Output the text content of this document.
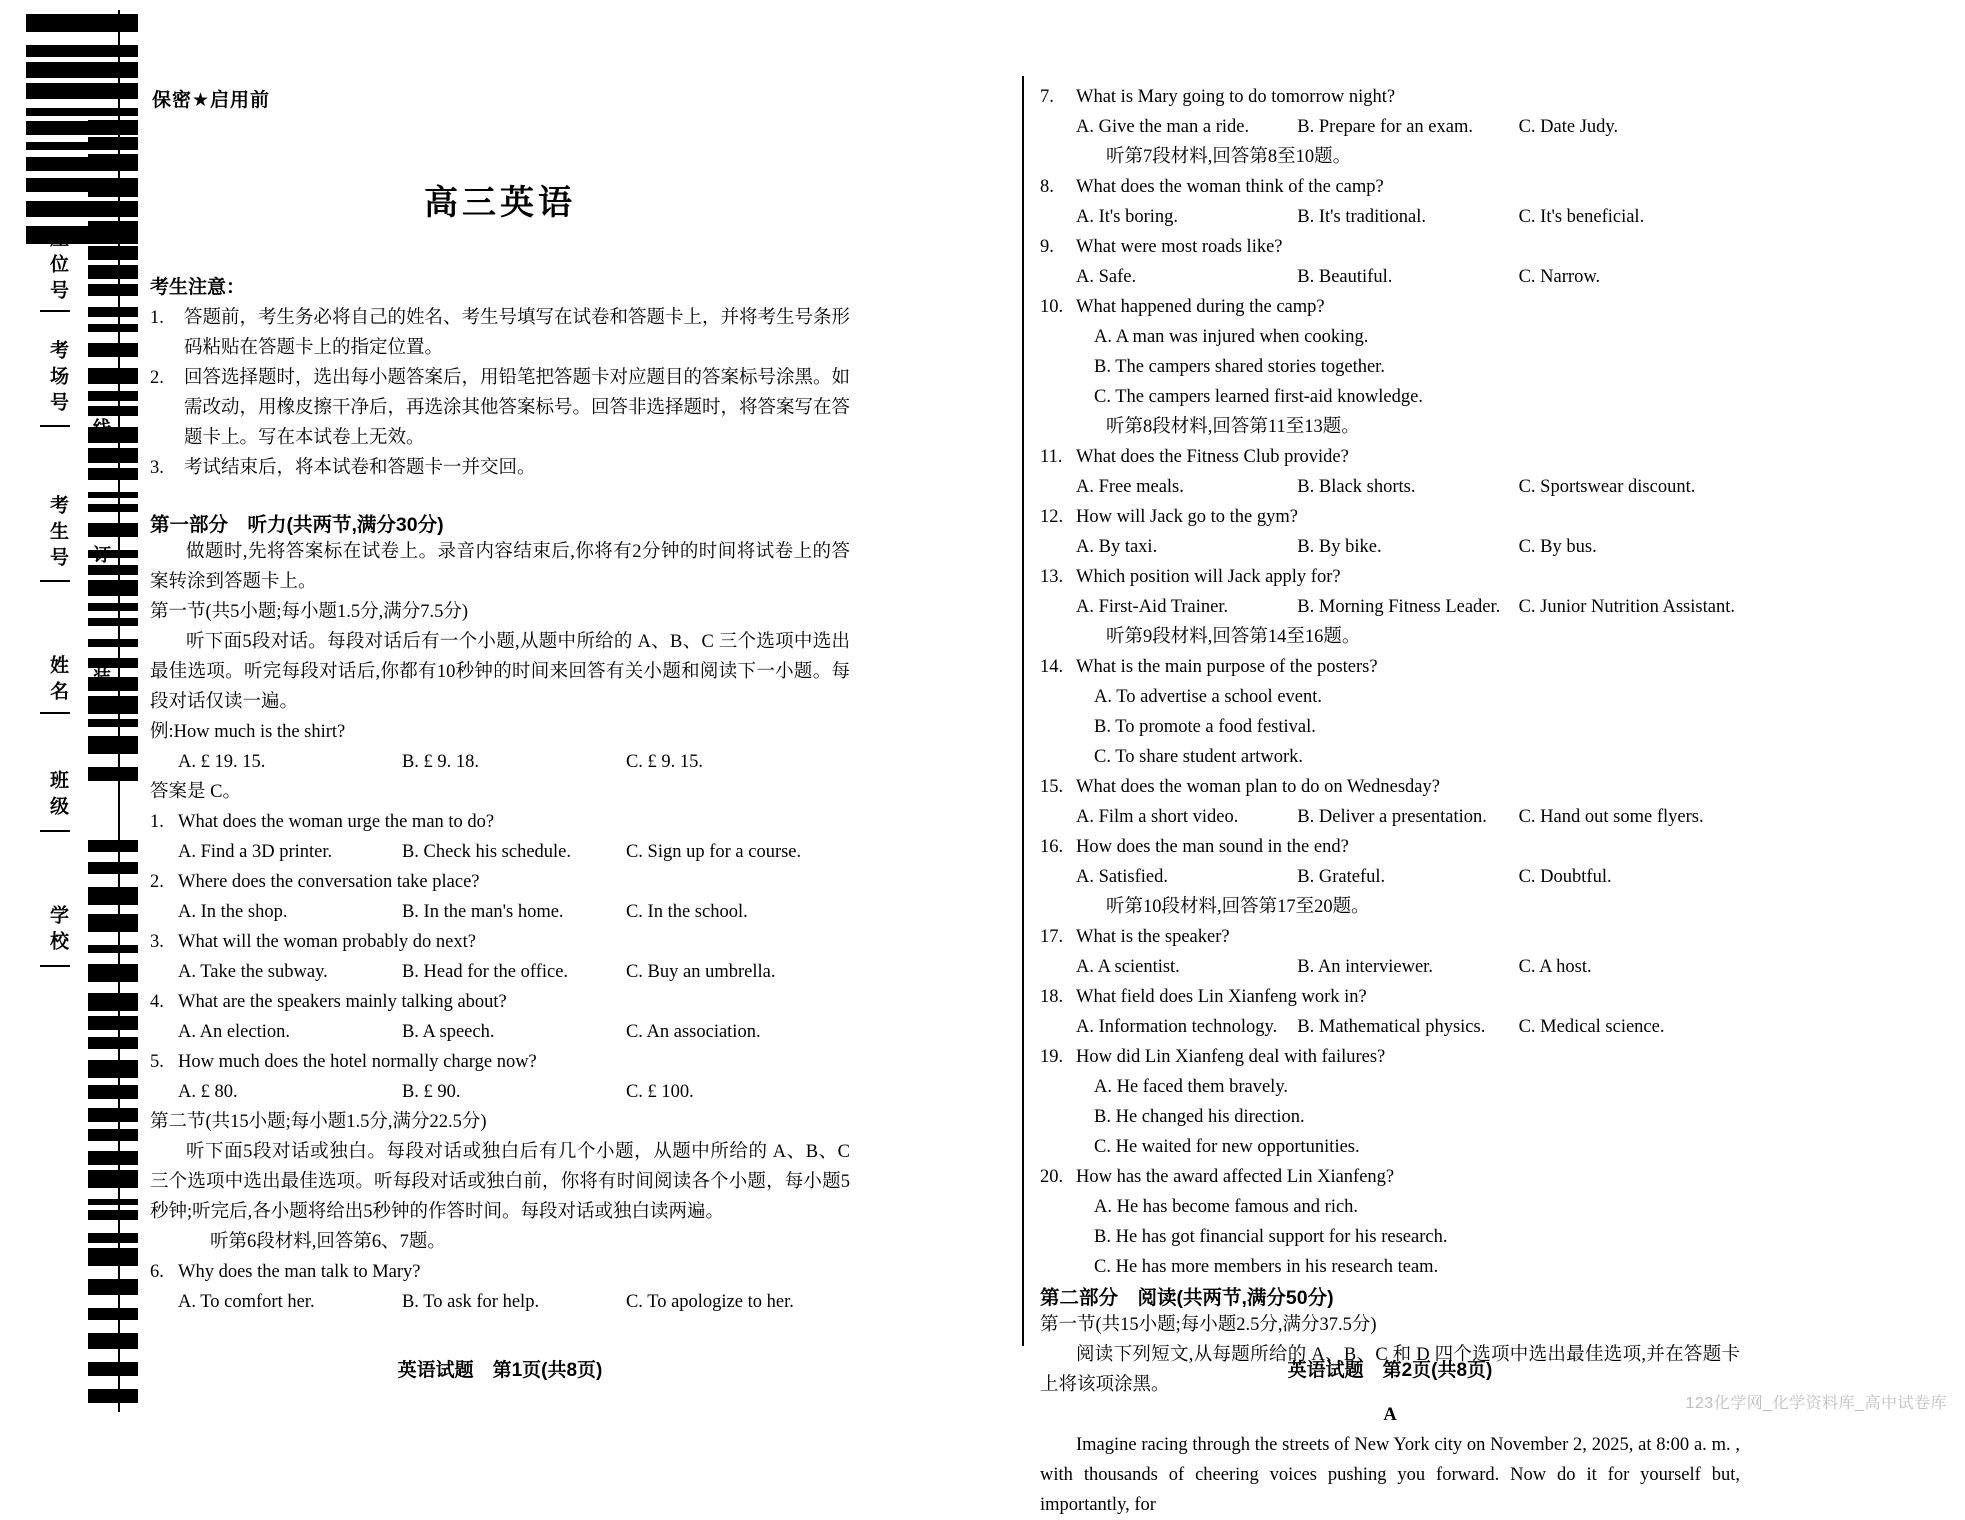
座位号
考场号
考生号
姓名
班级
学校
线
订
装
保密★启用前
高三英语
考生注意：
1. 答题前，考生务必将自己的姓名、考生号填写在试卷和答题卡上，并将考生号条形码粘贴在答题卡上的指定位置。
2. 回答选择题时，选出每小题答案后，用铅笔把答题卡对应题目的答案标号涂黑。如需改动，用橡皮擦干净后，再选涂其他答案标号。回答非选择题时，将答案写在答题卡上。写在本试卷上无效。
3. 考试结束后，将本试卷和答题卡一并交回。
第一部分　听力(共两节,满分30分)
做题时,先将答案标在试卷上。录音内容结束后,你将有2分钟的时间将试卷上的答案转涂到答题卡上。
第一节(共5小题;每小题1.5分,满分7.5分)
听下面5段对话。每段对话后有一个小题,从题中所给的 A、B、C 三个选项中选出最佳选项。听完每段对话后,你都有10秒钟的时间来回答有关小题和阅读下一小题。每段对话仅读一遍。
例:How much is the shirt?
A. £ 19. 15.	B. £ 9. 18.	C. £ 9. 15.
答案是 C。
1. What does the woman urge the man to do?
A. Find a 3D printer.	B. Check his schedule.	C. Sign up for a course.
2. Where does the conversation take place?
A. In the shop.	B. In the man's home.	C. In the school.
3. What will the woman probably do next?
A. Take the subway.	B. Head for the office.	C. Buy an umbrella.
4. What are the speakers mainly talking about?
A. An election.	B. A speech.	C. An association.
5. How much does the hotel normally charge now?
A. £ 80.	B. £ 90.	C. £ 100.
第二节(共15小题;每小题1.5分,满分22.5分)
听下面5段对话或独白。每段对话或独白后有几个小题，从题中所给的 A、B、C 三个选项中选出最佳选项。听每段对话或独白前，你将有时间阅读各个小题，每小题5秒钟;听完后,各小题将给出5秒钟的作答时间。每段对话或独白读两遍。
听第6段材料,回答第6、7题。
6. Why does the man talk to Mary?
A. To comfort her.	B. To ask for help.	C. To apologize to her.
7. What is Mary going to do tomorrow night?
A. Give the man a ride.	B. Prepare for an exam.	C. Date Judy.
听第7段材料,回答第8至10题。
8. What does the woman think of the camp?
A. It's boring.	B. It's traditional.	C. It's beneficial.
9. What were most roads like?
A. Safe.	B. Beautiful.	C. Narrow.
10. What happened during the camp?
A. A man was injured when cooking.
B. The campers shared stories together.
C. The campers learned first-aid knowledge.
听第8段材料,回答第11至13题。
11. What does the Fitness Club provide?
A. Free meals.	B. Black shorts.	C. Sportswear discount.
12. How will Jack go to the gym?
A. By taxi.	B. By bike.	C. By bus.
13. Which position will Jack apply for?
A. First-Aid Trainer.	B. Morning Fitness Leader. C. Junior Nutrition Assistant.
听第9段材料,回答第14至16题。
14. What is the main purpose of the posters?
A. To advertise a school event.
B. To promote a food festival.
C. To share student artwork.
15. What does the woman plan to do on Wednesday?
A. Film a short video.	B. Deliver a presentation.	C. Hand out some flyers.
16. How does the man sound in the end?
A. Satisfied.	B. Grateful.	C. Doubtful.
听第10段材料,回答第17至20题。
17. What is the speaker?
A. A scientist.	B. An interviewer.	C. A host.
18. What field does Lin Xianfeng work in?
A. Information technology.	B. Mathematical physics.	C. Medical science.
19. How did Lin Xianfeng deal with failures?
A. He faced them bravely.
B. He changed his direction.
C. He waited for new opportunities.
20. How has the award affected Lin Xianfeng?
A. He has become famous and rich.
B. He has got financial support for his research.
C. He has more members in his research team.
第二部分　阅读(共两节,满分50分)
第一节(共15小题;每小题2.5分,满分37.5分)
阅读下列短文,从每题所给的 A、B、C 和 D 四个选项中选出最佳选项,并在答题卡上将该项涂黑。
A
Imagine racing through the streets of New York city on November 2, 2025, at 8:00 a. m. , with thousands of cheering voices pushing you forward. Now do it for yourself but, importantly, for
英语试题　第1页(共8页)	英语试题　第2页(共8页)
123化学网_化学资料库_高中试卷库
